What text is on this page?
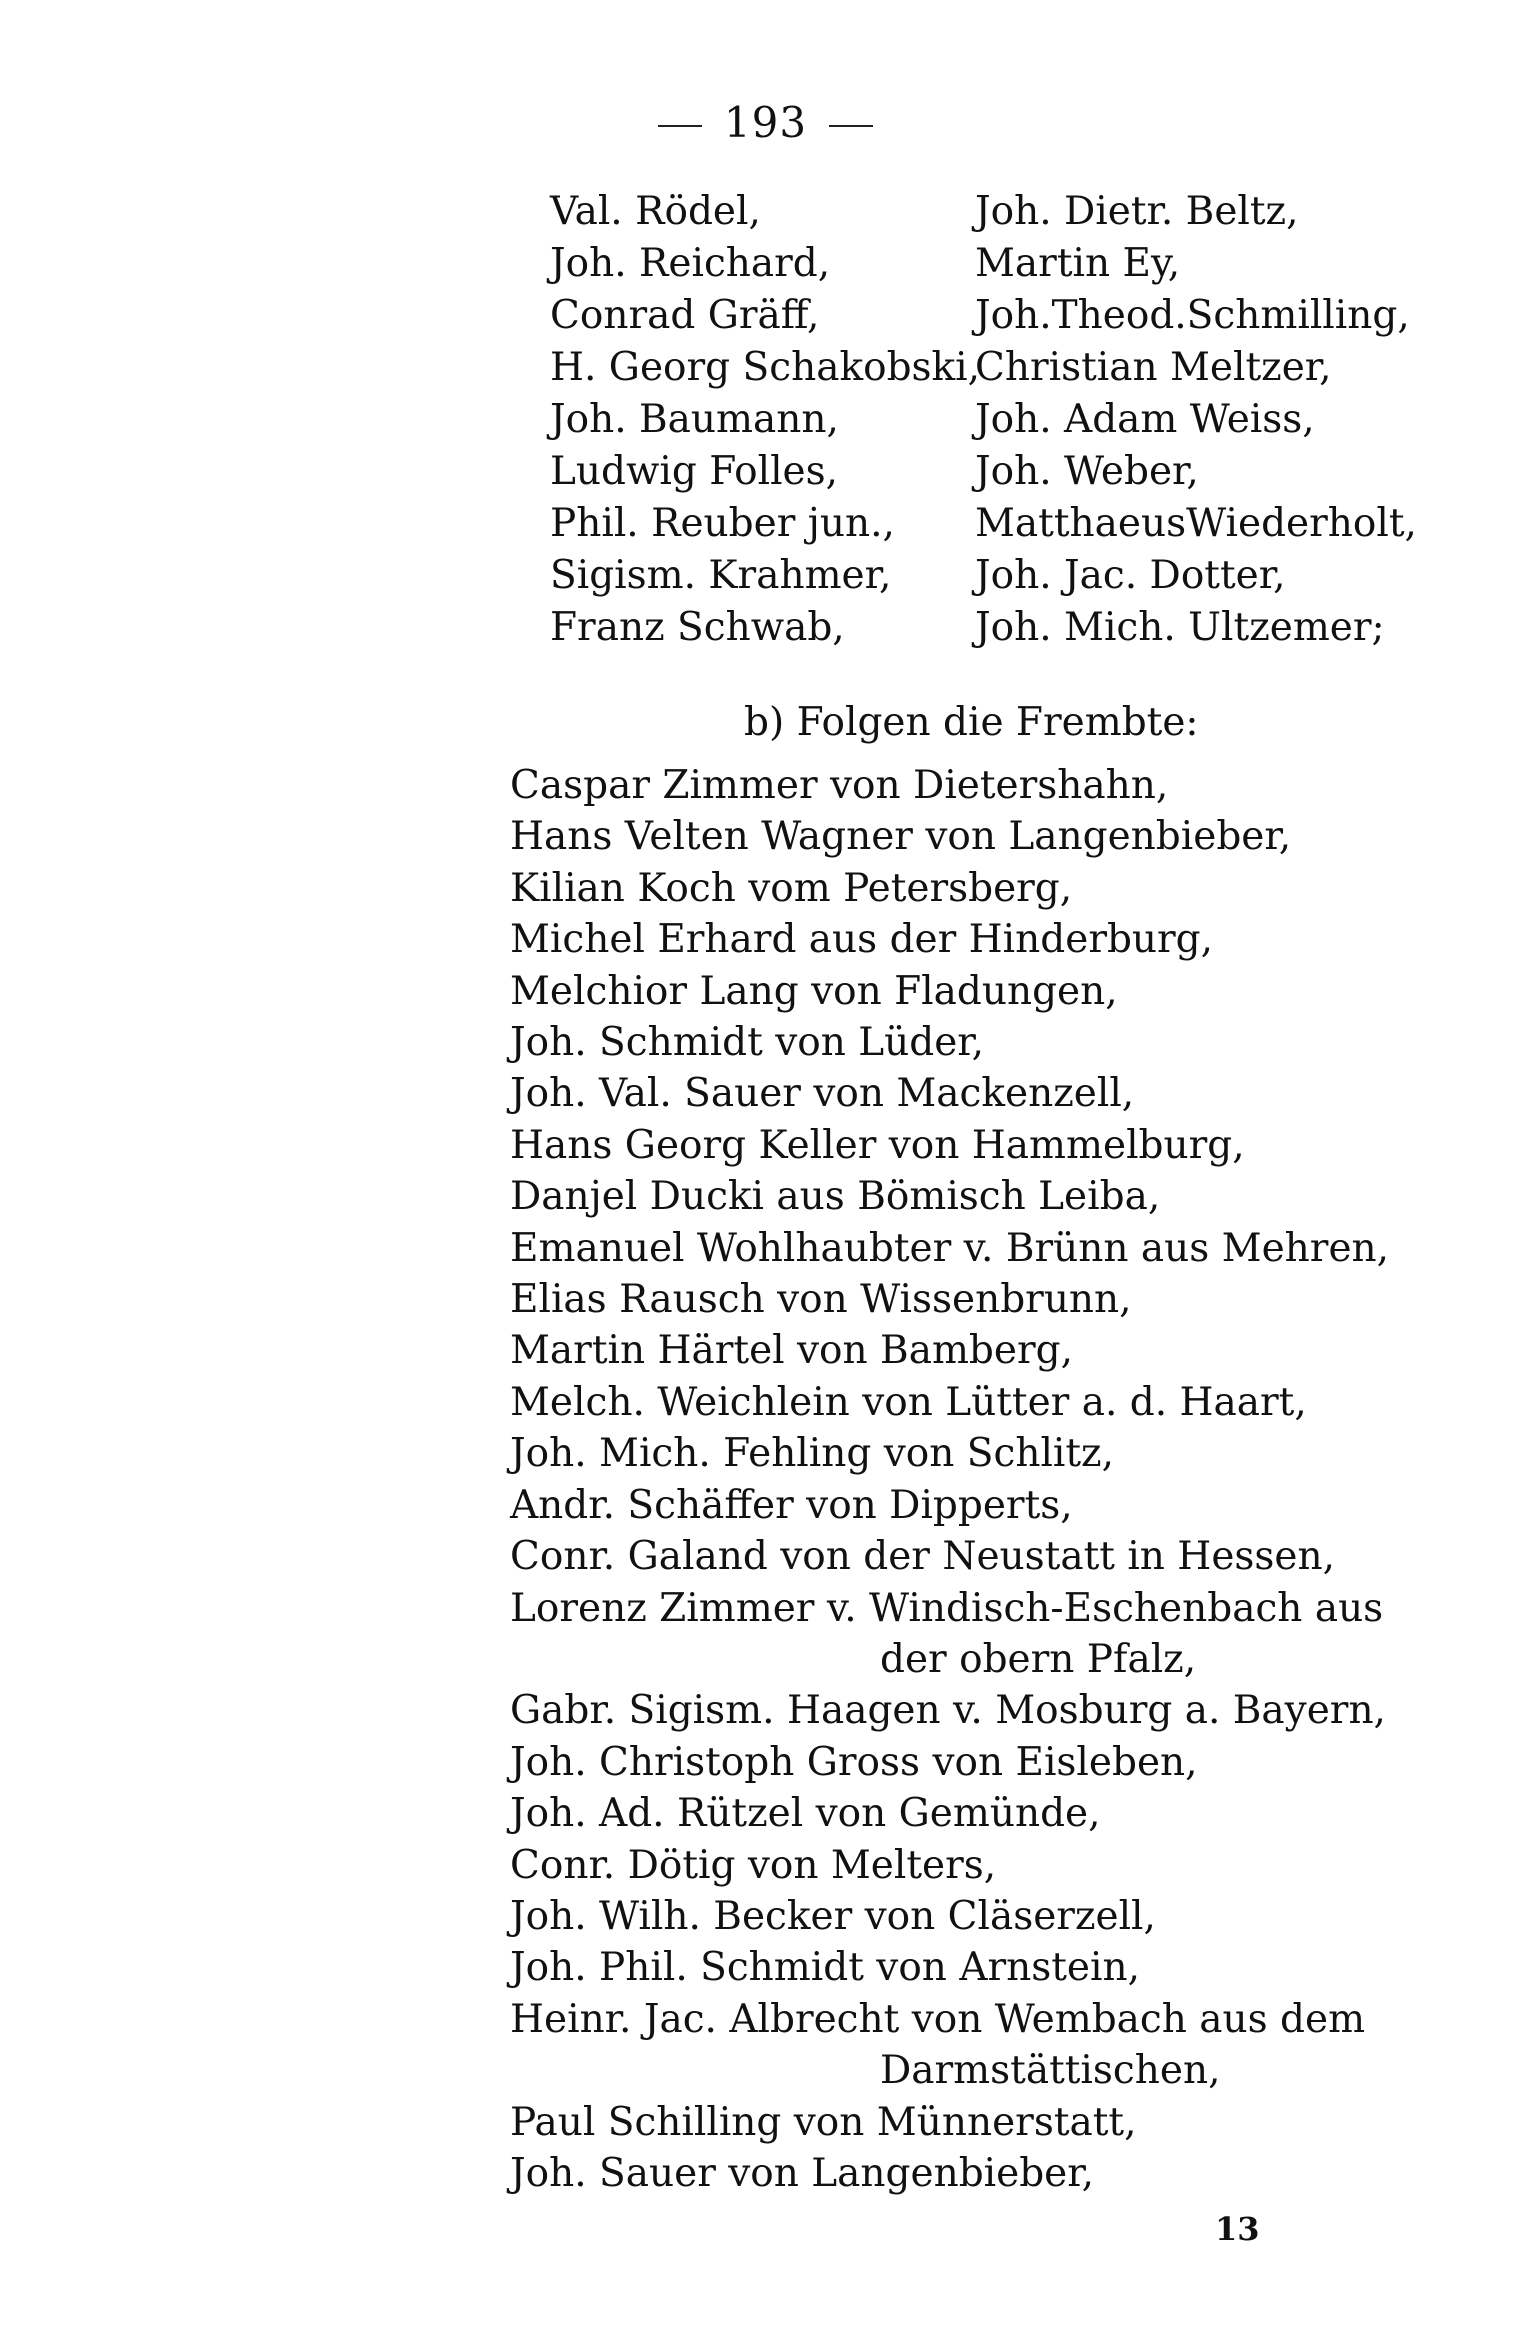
193
Val. Rödel,
Joh. Reichard,
Conrad Gräff,
H. Georg Schakobski,
Joh. Baumann,
Ludwig Folles,
Phil. Reuber jun.,
Sigism. Krahmer,
Franz Schwab,
Joh. Dietr. Beltz,
Martin Ey,
Joh.Theod.Schmilling,
Christian Meltzer,
Joh. Adam Weiss,
Joh. Weber,
MatthaeusWiederholt,
Joh. Jac. Dotter,
Joh. Mich. Ultzemer;
b) Folgen die Frembte:
Caspar Zimmer von Dietershahn,
Hans Velten Wagner von Langenbieber,
Kilian Koch vom Petersberg,
Michel Erhard aus der Hinderburg,
Melchior Lang von Fladungen,
Joh. Schmidt von Lüder,
Joh. Val. Sauer von Mackenzell,
Hans Georg Keller von Hammelburg,
Danjel Ducki aus Bömisch Leiba,
Emanuel Wohlhaubter v. Brünn aus Mehren,
Elias Rausch von Wissenbrunn,
Martin Härtel von Bamberg,
Melch. Weichlein von Lütter a. d. Haart,
Joh. Mich. Fehling von Schlitz,
Andr. Schäffer von Dipperts,
Conr. Galand von der Neustatt in Hessen,
Lorenz Zimmer v. Windisch-Eschenbach aus
der obern Pfalz,
Gabr. Sigism. Haagen v. Mosburg a. Bayern,
Joh. Christoph Gross von Eisleben,
Joh. Ad. Rützel von Gemünde,
Conr. Dötig von Melters,
Joh. Wilh. Becker von Cläserzell,
Joh. Phil. Schmidt von Arnstein,
Heinr. Jac. Albrecht von Wembach aus dem
Darmstättischen,
Paul Schilling von Münnerstatt,
Joh. Sauer von Langenbieber,
13
